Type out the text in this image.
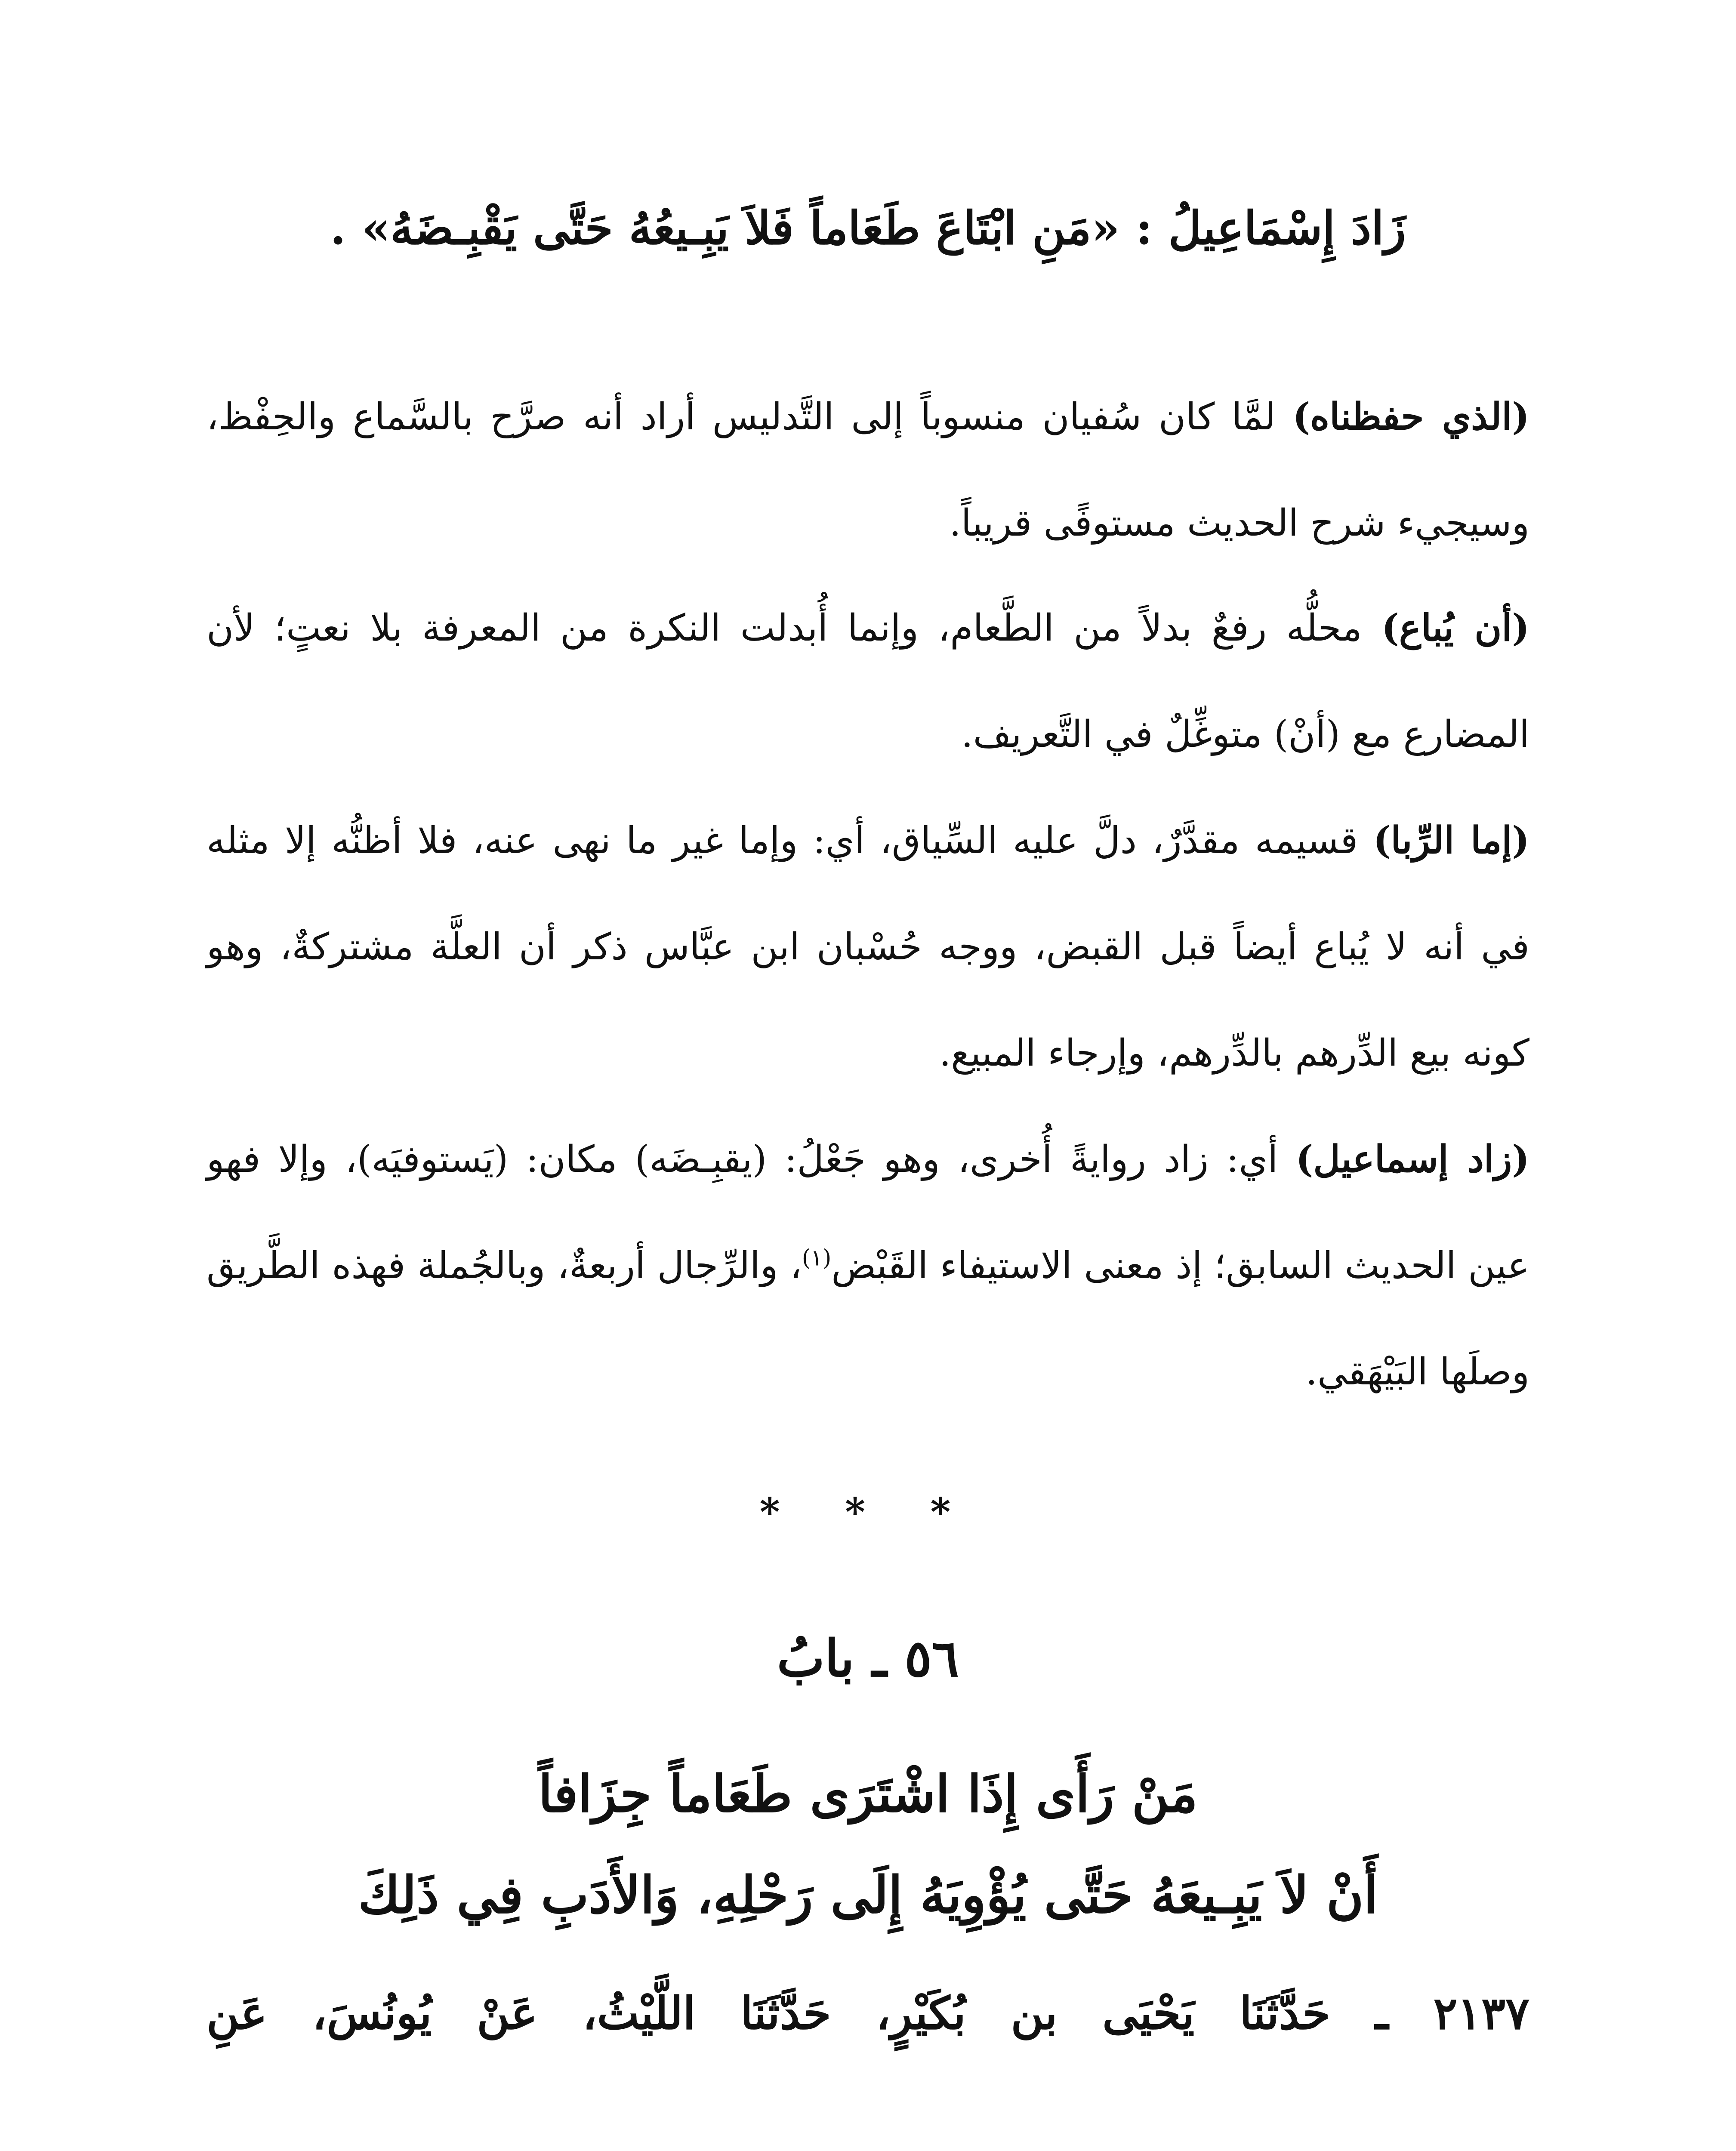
زَادَ إِسْمَاعِيلُ : «مَنِ ابْتَاعَ طَعَاماً فَلاَ يَبِـيعُهُ حَتَّى يَقْبِـضَهُ» .
(الذي حفظناه) لمَّا كان سُفيان منسوباً إلى التَّدليس أراد أنه صرَّح بالسَّماع والحِفْظ، وسيجيء شرح الحديث مستوفًى قريباً.
(أن يُباع) محلُّه رفعٌ بدلاً من الطَّعام، وإنما أُبدلت النكرة من المعرفة بلا نعتٍ؛ لأن المضارع مع (أنْ) متوغِّلٌ في التَّعريف.
(إما الرِّبا) قسيمه مقدَّرٌ، دلَّ عليه السِّياق، أي: وإما غير ما نهى عنه، فلا أظنُّه إلا مثله في أنه لا يُباع أيضاً قبل القبض، ووجه حُسْبان ابن عبَّاس ذكر أن العلَّة مشتركةٌ، وهو كونه بيع الدِّرهم بالدِّرهم، وإرجاء المبيع.
(زاد إسماعيل) أي: زاد روايةً أُخرى، وهو جَعْلُ: (يقبِـضَه) مكان: (يَستوفيَه)، وإلا فهو عين الحديث السابق؛ إذ معنى الاستيفاء القَبْض$^{(١)}$، والرِّجال أربعةٌ، وبالجُملة فهذه الطَّريق وصلَها البَيْهَقي.
* * *
٥٦ ـ بابُ
مَنْ رَأَى إِذَا اشْتَرَى طَعَاماً جِزَافاً
أَنْ لاَ يَبِـيعَهُ حَتَّى يُؤْوِيَهُ إِلَى رَحْلِهِ، وَالأَدَبِ فِي ذَلِكَ
٢١٣٧ ـ حَدَّثَنَا يَحْيَى بن بُكَيْرٍ، حَدَّثَنَا اللَّيْثُ، عَنْ يُونُسَ، عَنِ
